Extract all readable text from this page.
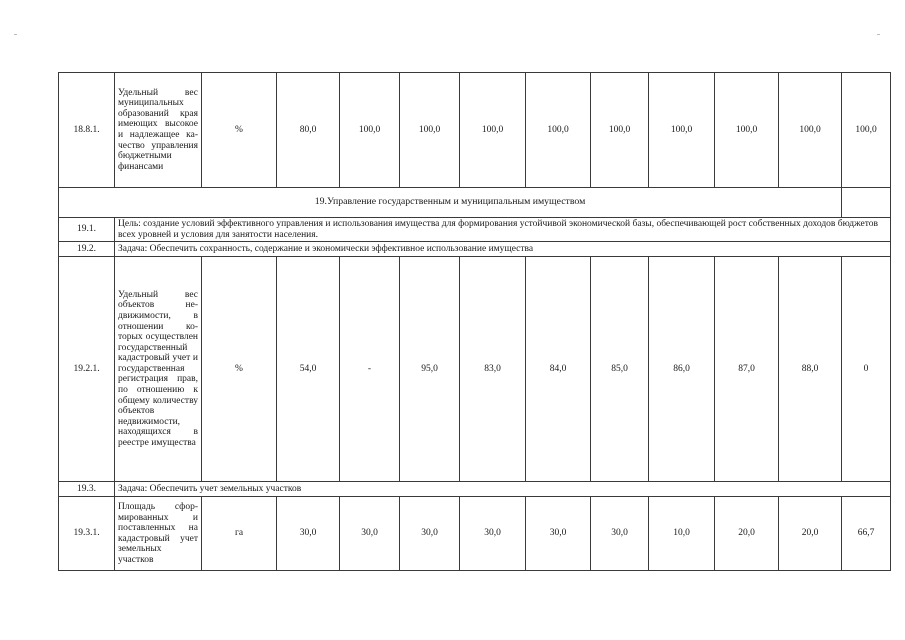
18.8.1.	Удельный вес муниципальных образований края имеющих высокое и надлежащее качество управления бюджетными финансами	%	80,0	100,0	100,0	100,0	100,0	100,0	100,0	100,0	100,0	100,0
19.Управление государственным и муниципальным имуществом												
19.1.	Цель: создание условий эффективного управления и использования имущества для формирования устойчивой экономической базы, обеспечивающей рост собственных доходов бюджетов всех уровней и условия для занятости населения.											
19.2.	Задача: Обеспечить сохранность, содержание и экономически эффективное использование имущества											
19.2.1.	Удельный вес объектов недвижимости, в отношении которых осуществлен государственный кадастровый учет и государственная регистрация прав, по отношению к общему количеству объектов недвижимости, находящихся в реестре имущества	%	54,0	-	95,0	83,0	84,0	85,0	86,0	87,0	88,0	0
19.3.	Задача: Обеспечить учет земельных участков											
19.3.1.	Площадь сформированных и поставленных на кадастровый учет земельных участков	га	30,0	30,0	30,0	30,0	30,0	30,0	10,0	20,0	20,0	66,7
